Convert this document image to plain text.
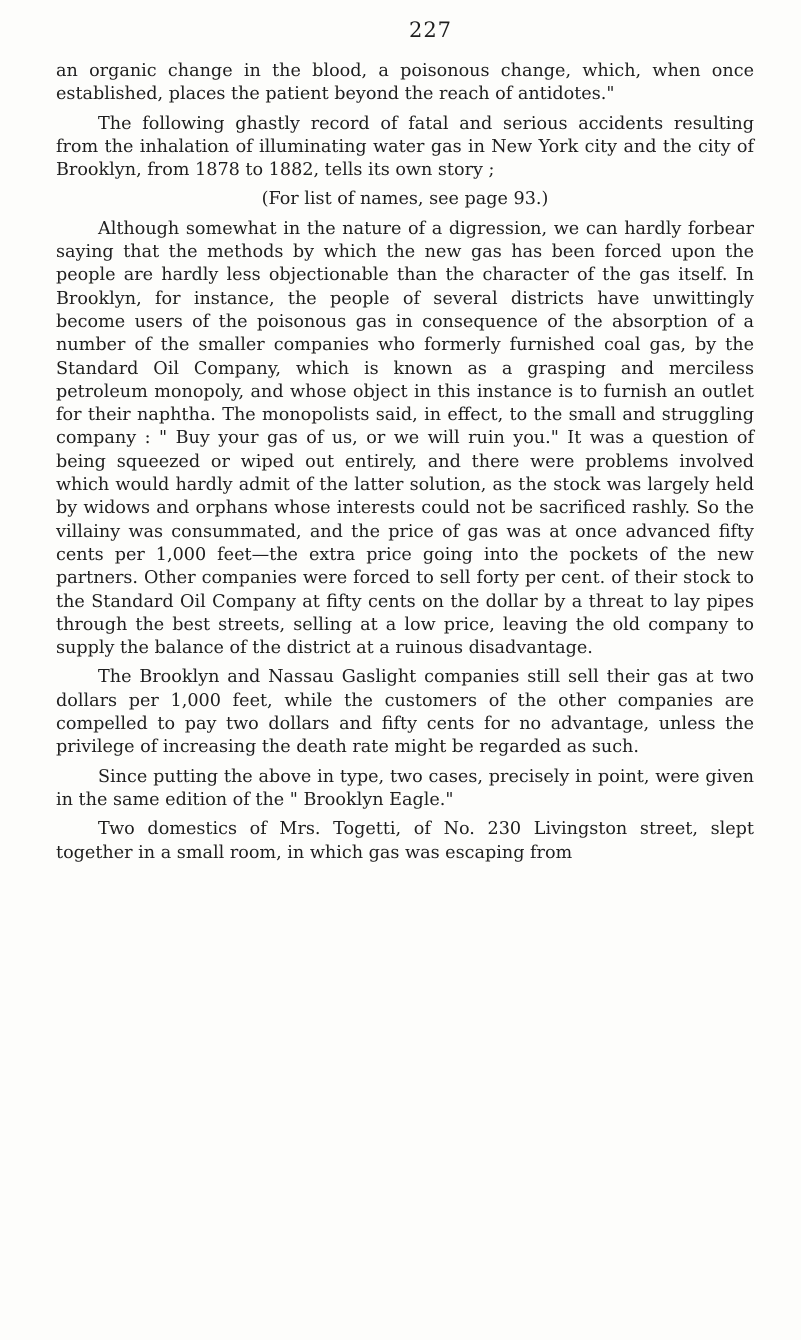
227

an organic change in the blood, a poisonous change, which, when once established, places the patient beyond the reach of antidotes."

The following ghastly record of fatal and serious accidents resulting from the inhalation of illuminating water gas in New York city and the city of Brooklyn, from 1878 to 1882, tells its own story ;

(For list of names, see page 93.)

Although somewhat in the nature of a digression, we can hardly forbear saying that the methods by which the new gas has been forced upon the people are hardly less objectionable than the character of the gas itself. In Brooklyn, for instance, the people of several districts have unwittingly become users of the poisonous gas in consequence of the absorption of a number of the smaller companies who formerly furnished coal gas, by the Standard Oil Company, which is known as a grasping and merciless petroleum monopoly, and whose object in this instance is to furnish an outlet for their naphtha. The monopolists said, in effect, to the small and struggling company : " Buy your gas of us, or we will ruin you." It was a question of being squeezed or wiped out entirely, and there were problems involved which would hardly admit of the latter solution, as the stock was largely held by widows and orphans whose interests could not be sacrificed rashly. So the villainy was consummated, and the price of gas was at once advanced fifty cents per 1,000 feet—the extra price going into the pockets of the new partners. Other companies were forced to sell forty per cent. of their stock to the Standard Oil Company at fifty cents on the dollar by a threat to lay pipes through the best streets, selling at a low price, leaving the old company to supply the balance of the district at a ruinous disadvantage.

The Brooklyn and Nassau Gaslight companies still sell their gas at two dollars per 1,000 feet, while the customers of the other companies are compelled to pay two dollars and fifty cents for no advantage, unless the privilege of increasing the death rate might be regarded as such.

Since putting the above in type, two cases, precisely in point, were given in the same edition of the " Brooklyn Eagle."

Two domestics of Mrs. Togetti, of No. 230 Livingston street, slept together in a small room, in which gas was escaping from
